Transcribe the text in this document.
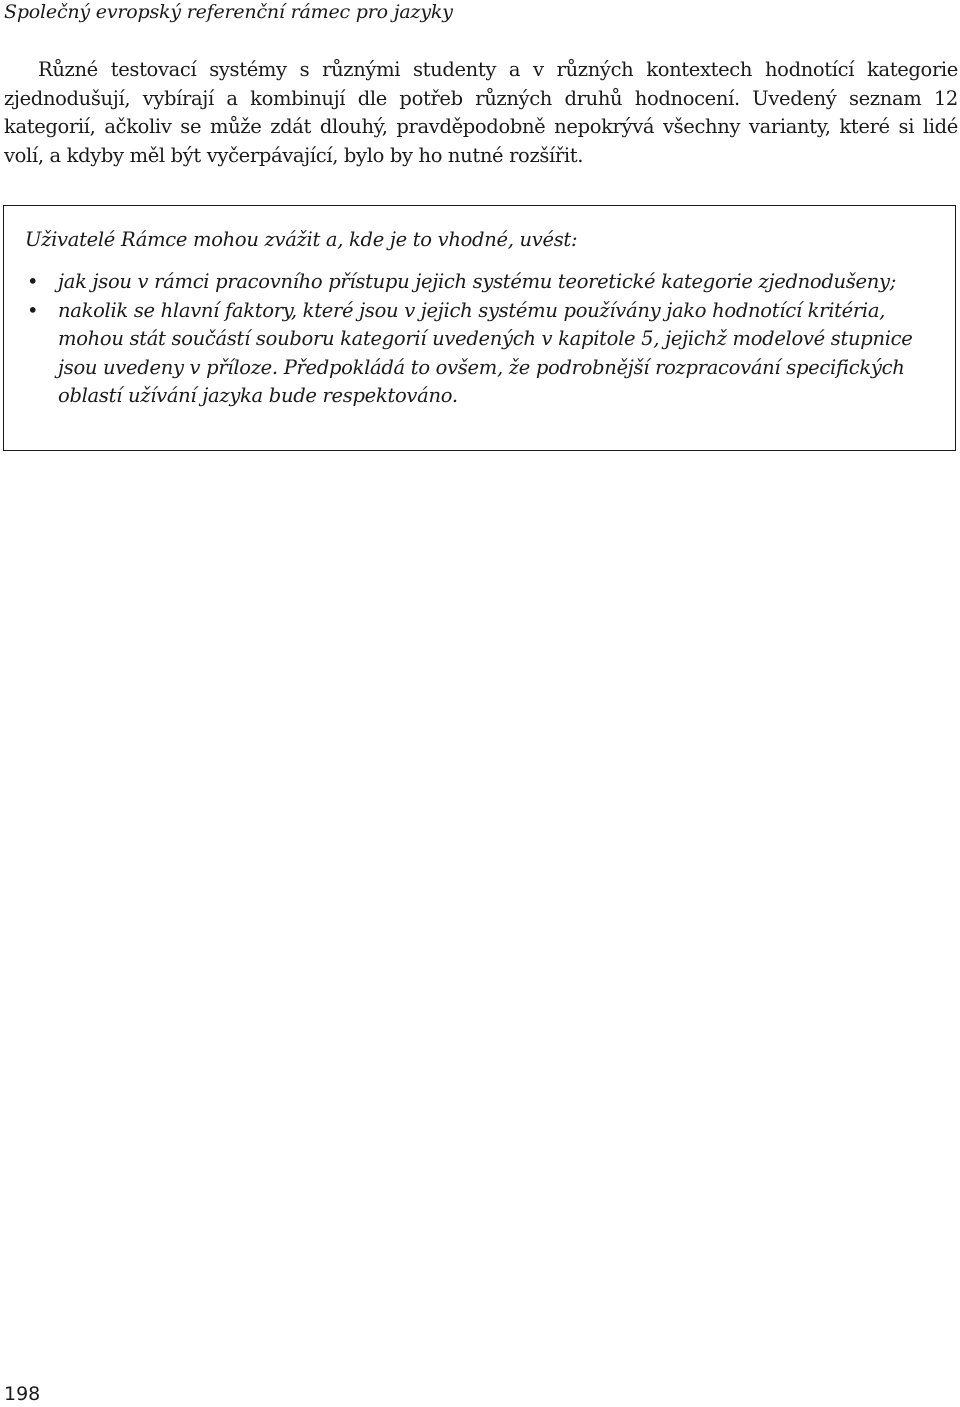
Společný evropský referenční rámec pro jazyky

Různé testovací systémy s různými studenty a v různých kontextech hodnotící kategorie zjednodušují, vybírají a kombinují dle potřeb různých druhů hodnocení. Uvedený seznam 12 kategorií, ačkoliv se může zdát dlouhý, pravděpodobně nepokrývá všechny varianty, které si lidé volí, a kdyby měl být vyčerpávající, bylo by ho nutné rozšířit.

Uživatelé Rámce mohou zvážit a, kde je to vhodné, uvést:

• jak jsou v rámci pracovního přístupu jejich systému teoretické kategorie zjednodušeny;
• nakolik se hlavní faktory, které jsou v jejich systému používány jako hodnotící kritéria, mohou stát součástí souboru kategorií uvedených v kapitole 5, jejichž modelové stupnice jsou uvedeny v příloze. Předpokládá to ovšem, že podrobnější rozpracování specifických oblastí užívání jazyka bude respektováno.
198
